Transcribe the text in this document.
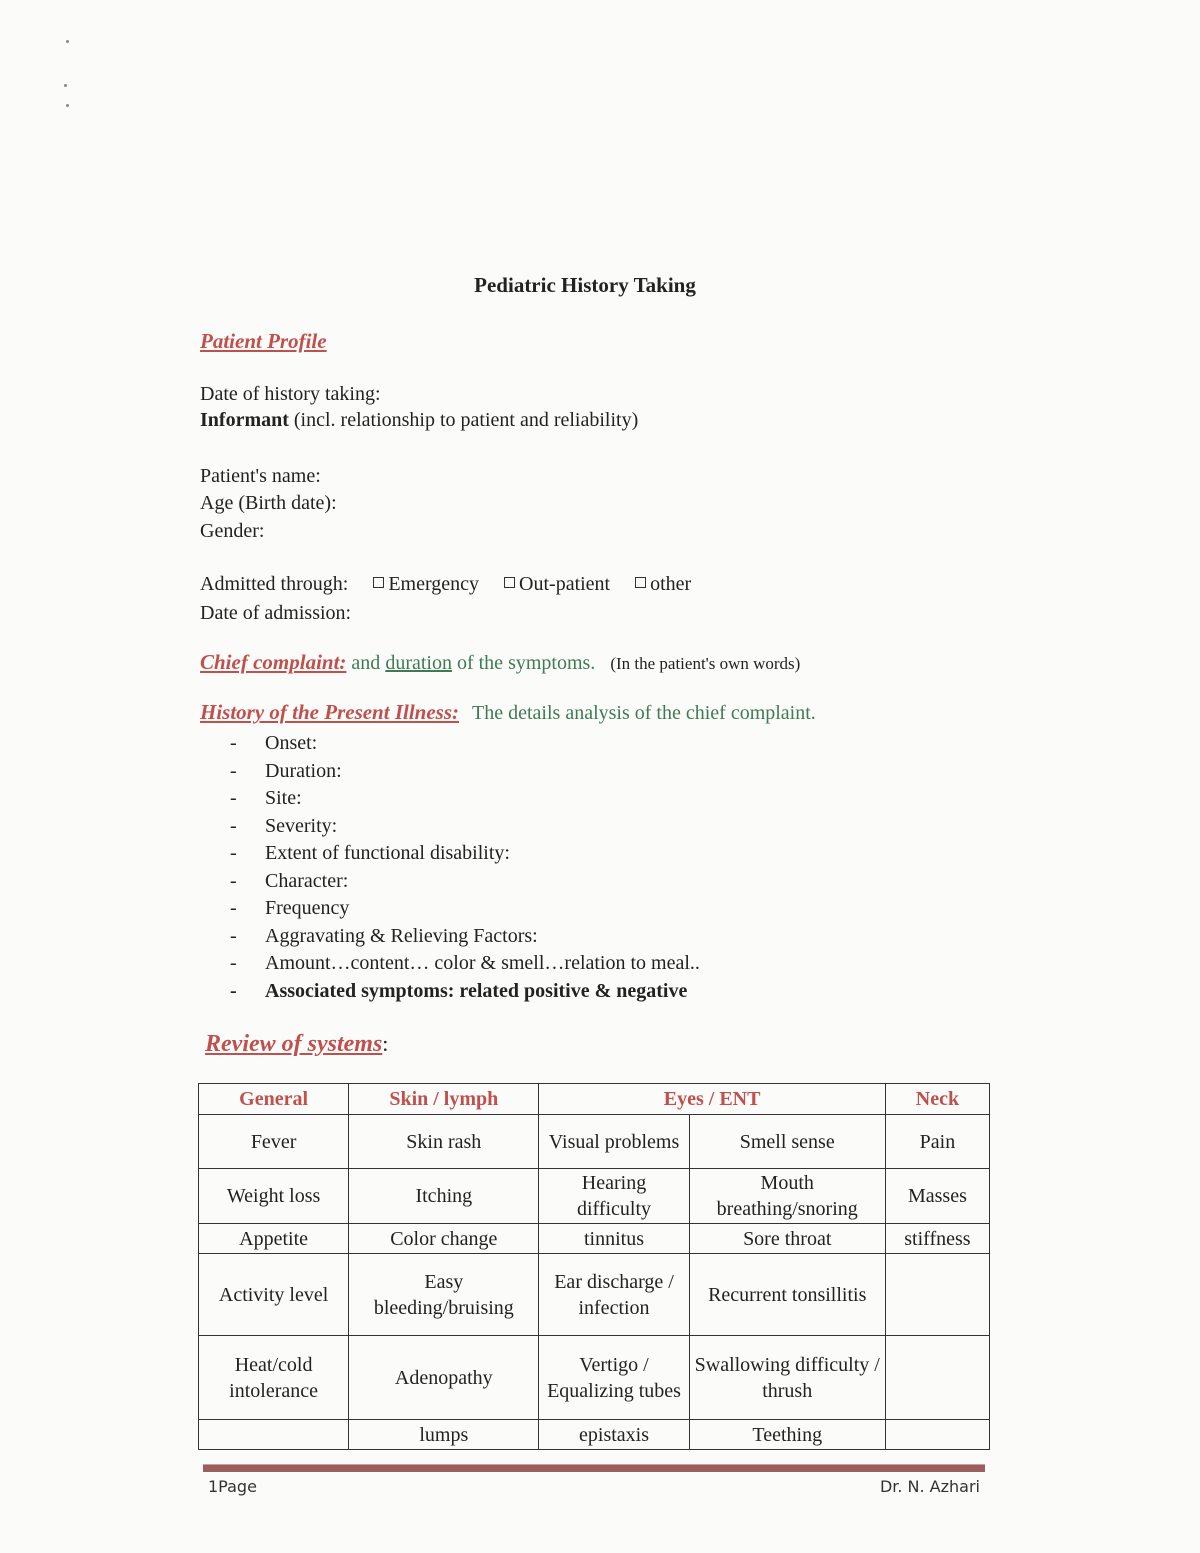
Pediatric History Taking
Patient Profile
Date of history taking:
Informant (incl. relationship to patient and reliability)
Patient's name:
Age (Birth date):
Gender:
Admitted through: Emergency Out-patient other
Date of admission:
Chief complaint: and duration of the symptoms. (In the patient's own words)
History of the Present Illness: The details analysis of the chief complaint.
- Onset:
- Duration:
- Site:
- Severity:
- Extent of functional disability:
- Character:
- Frequency
- Aggravating & Relieving Factors:
- Amount…content… color & smell…relation to meal..
- Associated symptoms: related positive & negative
Review of systems:
General	Skin / lymph	Eyes / ENT		Neck
Fever	Skin rash	Visual problems	Smell sense	Pain
Weight loss	Itching	Hearing difficulty	Mouth breathing/snoring	Masses
Appetite	Color change	tinnitus	Sore throat	stiffness
Activity level	Easy bleeding/bruising	Ear discharge / infection	Recurrent tonsillitis	
Heat/cold intolerance	Adenopathy	Vertigo / Equalizing tubes	Swallowing difficulty / thrush	
	lumps	epistaxis	Teething	
1Page	Dr. N. Azhari
